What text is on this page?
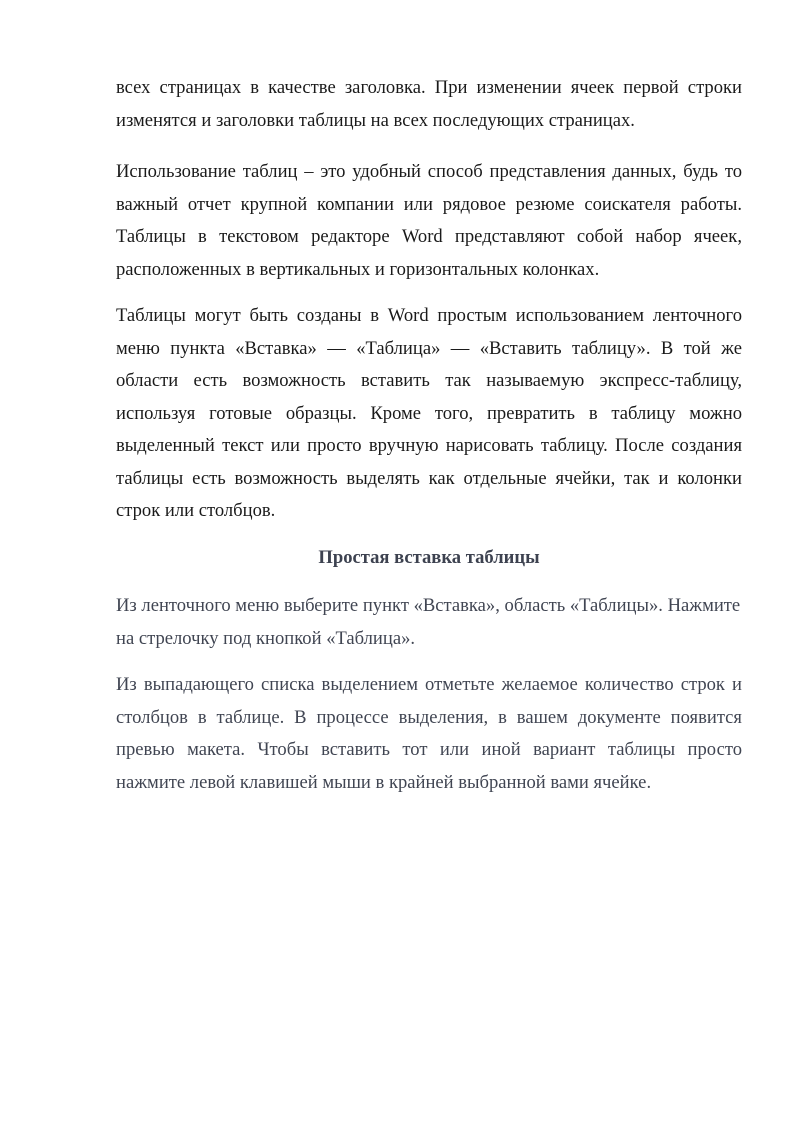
всех страницах в качестве заголовка. При изменении ячеек первой строки изменятся и заголовки таблицы на всех последующих страницах.

Использование таблиц – это удобный способ представления данных, будь то важный отчет крупной компании или рядовое резюме соискателя работы. Таблицы в текстовом редакторе Word представляют собой набор ячеек, расположенных в вертикальных и горизонтальных колонках.

Таблицы могут быть созданы в Word простым использованием ленточного меню пункта «Вставка» — «Таблица» — «Вставить таблицу». В той же области есть возможность вставить так называемую экспресс-таблицу, используя готовые образцы. Кроме того, превратить в таблицу можно выделенный текст или просто вручную нарисовать таблицу. После создания таблицы есть возможность выделять как отдельные ячейки, так и колонки строк или столбцов.

Простая вставка таблицы

Из ленточного меню выберите пункт «Вставка», область «Таблицы». Нажмите на стрелочку под кнопкой «Таблица».

Из выпадающего списка выделением отметьте желаемое количество строк и столбцов в таблице. В процессе выделения, в вашем документе появится превью макета. Чтобы вставить тот или иной вариант таблицы просто нажмите левой клавишей мыши в крайней выбранной вами ячейке.
